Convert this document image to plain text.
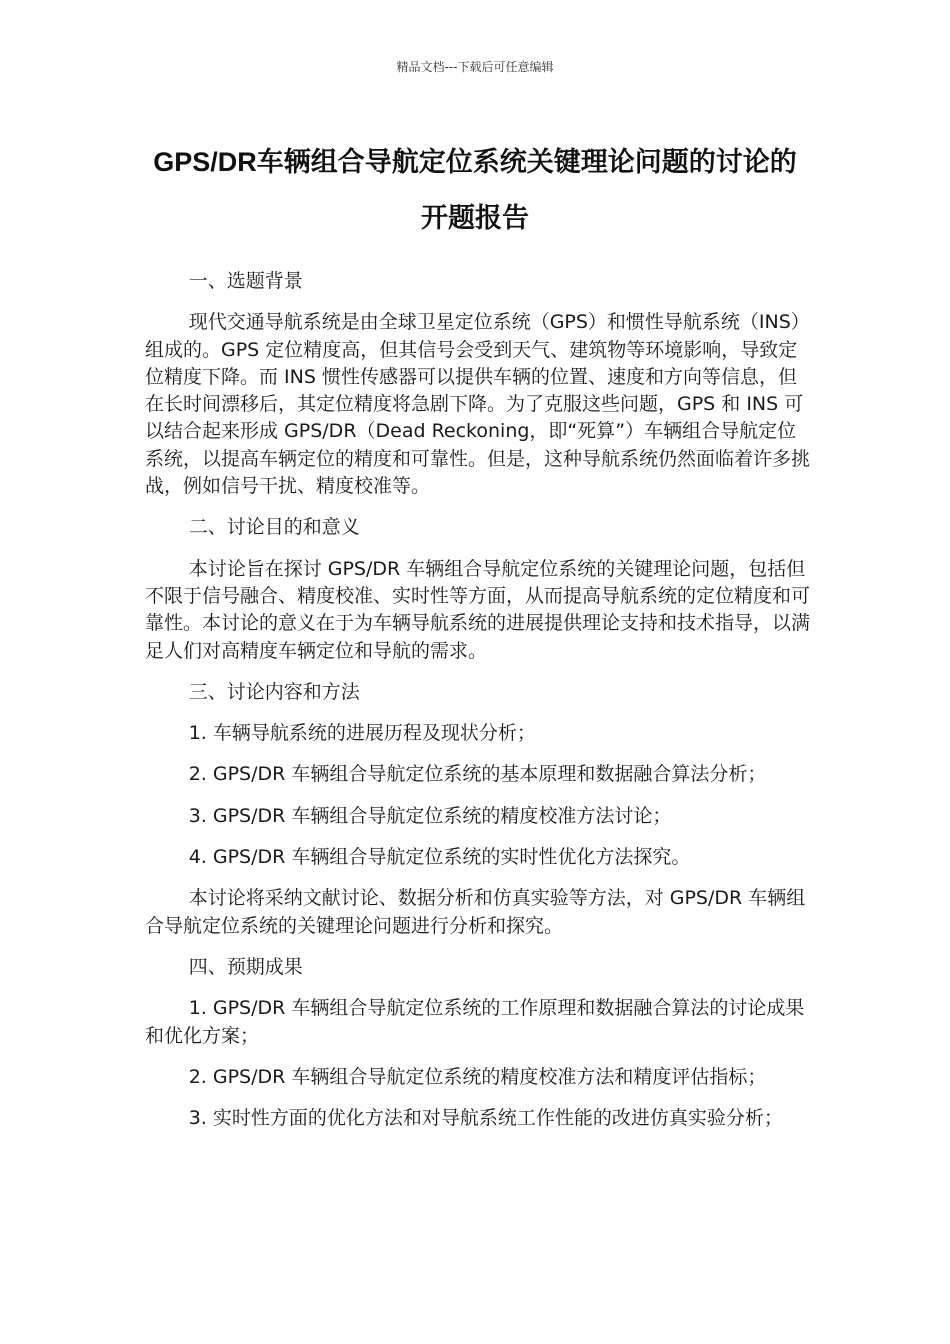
精品文档---下载后可任意编辑
GPS/DR车辆组合导航定位系统关键理论问题的讨论的开题报告

一、选题背景

现代交通导航系统是由全球卫星定位系统（GPS）和惯性导航系统（INS）组成的。GPS 定位精度高，但其信号会受到天气、建筑物等环境影响，导致定位精度下降。而 INS 惯性传感器可以提供车辆的位置、速度和方向等信息，但在长时间漂移后，其定位精度将急剧下降。为了克服这些问题，GPS 和 INS 可以结合起来形成 GPS/DR（Dead Reckoning，即“死算”）车辆组合导航定位系统，以提高车辆定位的精度和可靠性。但是，这种导航系统仍然面临着许多挑战，例如信号干扰、精度校准等。

二、讨论目的和意义

本讨论旨在探讨 GPS/DR 车辆组合导航定位系统的关键理论问题，包括但不限于信号融合、精度校准、实时性等方面，从而提高导航系统的定位精度和可靠性。本讨论的意义在于为车辆导航系统的进展提供理论支持和技术指导，以满足人们对高精度车辆定位和导航的需求。

三、讨论内容和方法

1. 车辆导航系统的进展历程及现状分析；

2. GPS/DR 车辆组合导航定位系统的基本原理和数据融合算法分析；

3. GPS/DR 车辆组合导航定位系统的精度校准方法讨论；

4. GPS/DR 车辆组合导航定位系统的实时性优化方法探究。

本讨论将采纳文献讨论、数据分析和仿真实验等方法，对 GPS/DR 车辆组合导航定位系统的关键理论问题进行分析和探究。

四、预期成果

1. GPS/DR 车辆组合导航定位系统的工作原理和数据融合算法的讨论成果和优化方案；

2. GPS/DR 车辆组合导航定位系统的精度校准方法和精度评估指标；

3. 实时性方面的优化方法和对导航系统工作性能的改进仿真实验分析；
